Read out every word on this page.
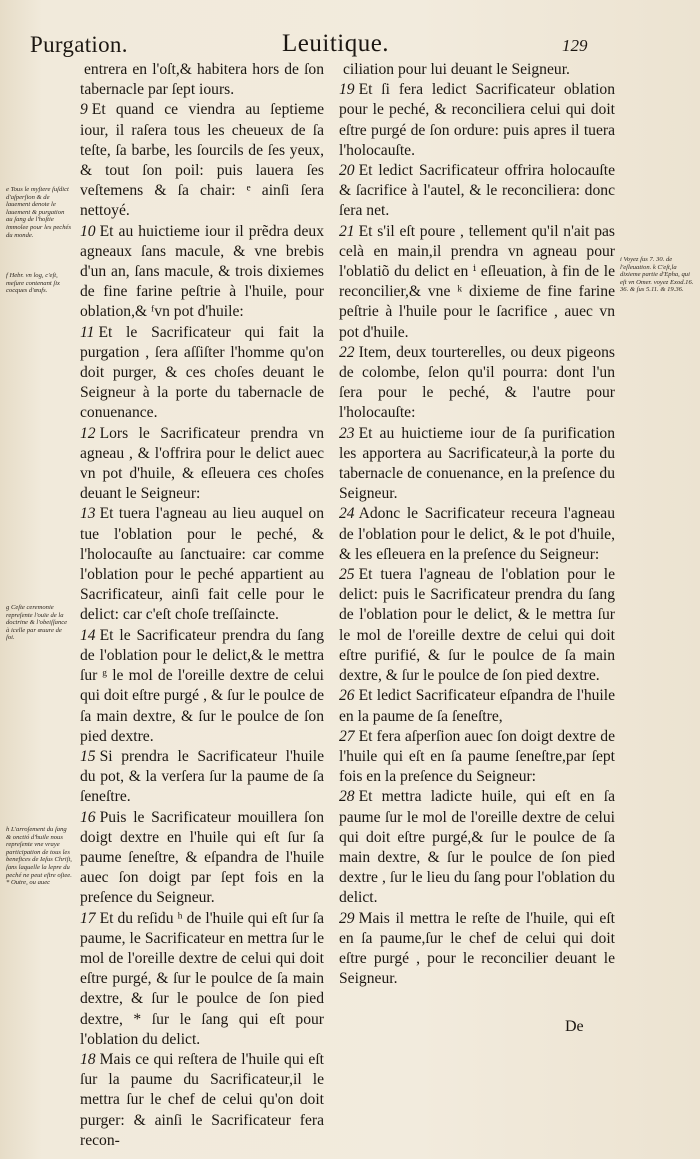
Purgation.	Leuitique.	129

entrera en l'oſt,& habitera hors de ſon tabernacle par ſept iours.

9 Et quand ce viendra au ſeptieme iour, il raſera tous les cheueux de ſa teſte, ſa barbe, les ſourcils de ſes yeux, & tout ſon poil: puis lauera ſes veſtemens & ſa chair: ᵉ ainſi ſera nettoyé.

10 Et au huictieme iour il prẽdra deux agneaux ſans macule, & vne brebis d'un an, ſans macule, & trois dixiemes de fine farine peſtrie à l'huile, pour oblation,& ᶠvn pot d'huile:

11 Et le Sacrificateur qui fait la purgation , ſera aſſiſter l'homme qu'on doit purger, & ces choſes deuant le Seigneur à la porte du tabernacle de conuenance.

12 Lors le Sacrificateur prendra vn agneau , & l'offrira pour le delict auec vn pot d'huile, & eſleuera ces choſes deuant le Seigneur:

13 Et tuera l'agneau au lieu auquel on tue l'oblation pour le peché, & l'holocauſte au ſanctuaire: car comme l'oblation pour le peché appartient au Sacrificateur, ainſi fait celle pour le delict: car c'eſt choſe treſſaincte.

14 Et le Sacrificateur prendra du ſang de l'oblation pour le delict,& le mettra ſur ᵍ le mol de l'oreille dextre de celui qui doit eſtre purgé , & ſur le poulce de ſa main dextre, & ſur le poulce de ſon pied dextre.

15 Si prendra le Sacrificateur l'huile du pot, & la verſera ſur la paume de ſa ſeneſtre.

16 Puis le Sacrificateur mouillera ſon doigt dextre en l'huile qui eſt ſur ſa paume ſeneſtre, & eſpandra de l'huile auec ſon doigt par ſept fois en la preſence du Seigneur.

17 Et du reſidu ʰ de l'huile qui eſt ſur ſa paume, le Sacrificateur en mettra ſur le mol de l'oreille dextre de celui qui doit eſtre purgé, & ſur le poulce de ſa main dextre, & ſur le poulce de ſon pied dextre, * ſur le ſang qui eſt pour l'oblation du delict.

18 Mais ce qui reſtera de l'huile qui eſt ſur la paume du Sacrificateur,il le mettra ſur le chef de celui qu'on doit purger: & ainſi le Sacrificateur fera recon-

ciliation pour lui deuant le Seigneur.

19 Et ſi fera ledict Sacrificateur oblation pour le peché, & reconciliera celui qui doit eſtre purgé de ſon ordure: puis apres il tuera l'holocauſte.

20 Et ledict Sacrificateur offrira holocauſte & ſacrifice à l'autel, & le reconciliera: donc ſera net.

21 Et s'il eſt poure , tellement qu'il n'ait pas celà en main,il prendra vn agneau pour l'oblatiõ du delict en ⁱ eſleuation, à fin de le reconcilier,& vne ᵏ dixieme de fine farine peſtrie à l'huile pour le ſacrifice , auec vn pot d'huile.

22 Item, deux tourterelles, ou deux pigeons de colombe, ſelon qu'il pourra: dont l'un ſera pour le peché, & l'autre pour l'holocauſte:

23 Et au huictieme iour de ſa purification les apportera au Sacrificateur,à la porte du tabernacle de conuenance, en la preſence du Seigneur.

24 Adonc le Sacrificateur receura l'agneau de l'oblation pour le delict, & le pot d'huile, & les eſleuera en la preſence du Seigneur:

25 Et tuera l'agneau de l'oblation pour le delict: puis le Sacrificateur prendra du ſang de l'oblation pour le delict, & le mettra ſur le mol de l'oreille dextre de celui qui doit eſtre purifié, & ſur le poulce de ſa main dextre, & ſur le poulce de ſon pied dextre.

26 Et ledict Sacrificateur eſpandra de l'huile en la paume de ſa ſeneſtre,

27 Et fera aſperſion auec ſon doigt dextre de l'huile qui eſt en ſa paume ſeneſtre,par ſept fois en la preſence du Seigneur:

28 Et mettra ladicte huile, qui eſt en ſa paume ſur le mol de l'oreille dextre de celui qui doit eſtre purgé,& ſur le poulce de ſa main dextre, & ſur le poulce de ſon pied dextre , ſur le lieu du ſang pour l'oblation du delict.

29 Mais il mettra le reſte de l'huile, qui eſt en ſa paume,ſur le chef de celui qui doit eſtre purgé , pour le reconcilier deuant le Seigneur.

e Tous le myſtere ſuſdict d'aſperſion & de lauement denote le lauement & purgation au ſang de l'hoſtie immolee pour les pechés du monde.
f Hebr. vn log, c'eſt, meſure contenant ſix cocques d'œufs.
g Ceſte ceremonie repreſente l'ouïe de la doctrine & l'obeiſſance à icelle par œuure de ſoi.
h L'arroſement du ſang & onctió d'huile nous repreſente vne vraye participation de tous les benefices de Ieſus Chriſt, ſans laquelle la lepre du peché ne peut eſtre oſtee. * Outre, ou auec
i Voyez ſus 7. 30. de l'eſleuation. k C'eſt,la dixieme partie d'Epha, qui eſt vn Omer. voyez Exod.16. 36. & ſus 5.11. & 19.36.
De
